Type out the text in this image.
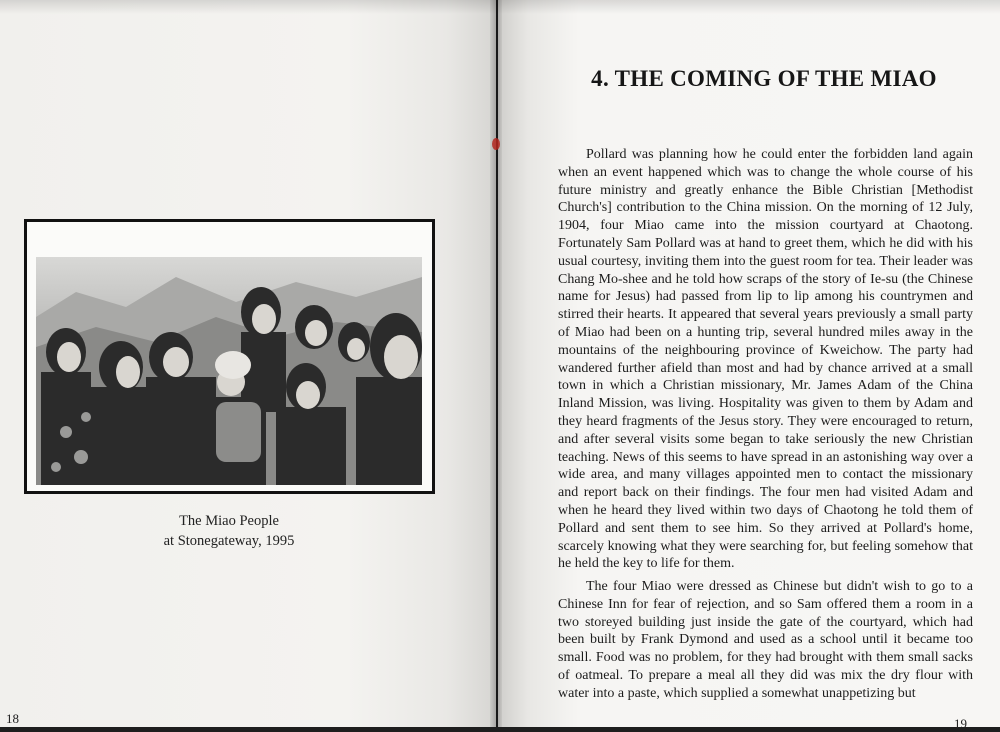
The Miao People
at Stonegateway, 1995
18
4. THE COMING OF THE MIAO

Pollard was planning how he could enter the forbidden land again when an event happened which was to change the whole course of his future ministry and greatly enhance the Bible Christian [Methodist Church's] contribution to the China mission. On the morning of 12 July, 1904, four Miao came into the mission courtyard at Chaotong. Fortunately Sam Pollard was at hand to greet them, which he did with his usual courtesy, inviting them into the guest room for tea. Their leader was Chang Mo-shee and he told how scraps of the story of Ie-su (the Chinese name for Jesus) had passed from lip to lip among his countrymen and stirred their hearts. It appeared that several years previously a small party of Miao had been on a hunting trip, several hundred miles away in the mountains of the neighbouring province of Kweichow. The party had wandered further afield than most and had by chance arrived at a small town in which a Christian missionary, Mr. James Adam of the China Inland Mission, was living. Hospitality was given to them by Adam and they heard fragments of the Jesus story. They were encouraged to return, and after several visits some began to take seriously the new Christian teaching. News of this seems to have spread in an astonishing way over a wide area, and many villages appointed men to contact the missionary and report back on their findings. The four men had visited Adam and when he heard they lived within two days of Chaotong he told them of Pollard and sent them to see him. So they arrived at Pollard's home, scarcely knowing what they were searching for, but feeling somehow that he held the key to life for them.

The four Miao were dressed as Chinese but didn't wish to go to a Chinese Inn for fear of rejection, and so Sam offered them a room in a two storeyed building just inside the gate of the courtyard, which had been built by Frank Dymond and used as a school until it became too small. Food was no problem, for they had brought with them small sacks of oatmeal. To prepare a meal all they did was mix the dry flour with water into a paste, which supplied a somewhat unappetizing but

19
